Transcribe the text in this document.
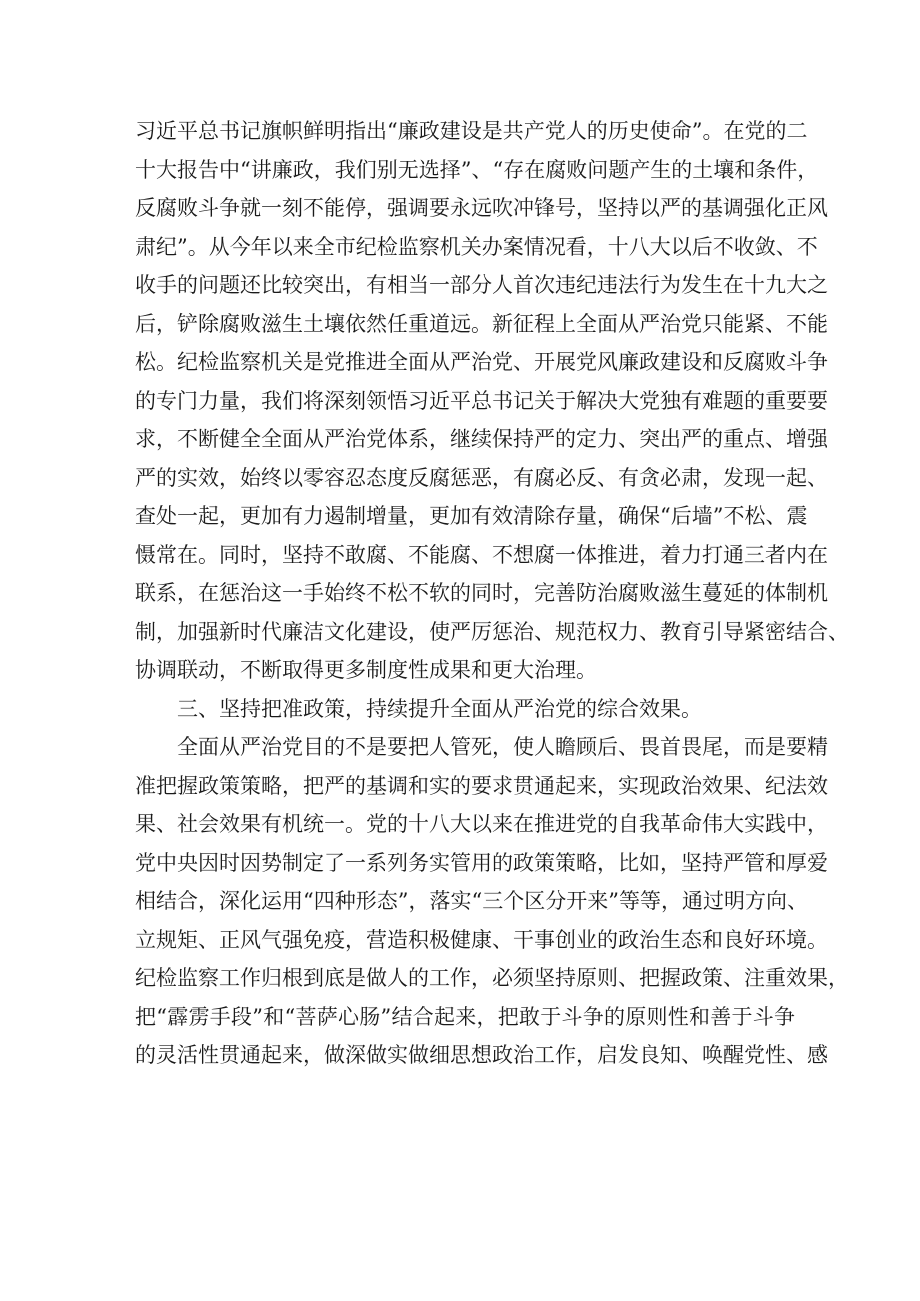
习近平总书记旗帜鲜明指出“廉政建设是共产党人的历史使命”。在党的二
十大报告中“讲廉政，我们别无选择”、“存在腐败问题产生的土壤和条件，
反腐败斗争就一刻不能停，强调要永远吹冲锋号，坚持以严的基调强化正风
肃纪”。从今年以来全市纪检监察机关办案情况看，十八大以后不收敛、不
收手的问题还比较突出，有相当一部分人首次违纪违法行为发生在十九大之
后，铲除腐败滋生土壤依然任重道远。新征程上全面从严治党只能紧、不能
松。纪检监察机关是党推进全面从严治党、开展党风廉政建设和反腐败斗争
的专门力量，我们将深刻领悟习近平总书记关于解决大党独有难题的重要要
求，不断健全全面从严治党体系，继续保持严的定力、突出严的重点、增强
严的实效，始终以零容忍态度反腐惩恶，有腐必反、有贪必肃，发现一起、
查处一起，更加有力遏制增量，更加有效清除存量，确保“后墙”不松、震
慑常在。同时，坚持不敢腐、不能腐、不想腐一体推进，着力打通三者内在
联系，在惩治这一手始终不松不软的同时，完善防治腐败滋生蔓延的体制机
制，加强新时代廉洁文化建设，使严厉惩治、规范权力、教育引导紧密结合、
协调联动，不断取得更多制度性成果和更大治理。
三、坚持把准政策，持续提升全面从严治党的综合效果。
全面从严治党目的不是要把人管死，使人瞻顾后、畏首畏尾，而是要精
准把握政策策略，把严的基调和实的要求贯通起来，实现政治效果、纪法效
果、社会效果有机统一。党的十八大以来在推进党的自我革命伟大实践中，
党中央因时因势制定了一系列务实管用的政策策略，比如，坚持严管和厚爱
相结合，深化运用“四种形态”，落实“三个区分开来”等等，通过明方向、
立规矩、正风气强免疫，营造积极健康、干事创业的政治生态和良好环境。
纪检监察工作归根到底是做人的工作，必须坚持原则、把握政策、注重效果，
把“霹雳手段”和“菩萨心肠”结合起来，把敢于斗争的原则性和善于斗争
的灵活性贯通起来，做深做实做细思想政治工作，启发良知、唤醒党性、感
